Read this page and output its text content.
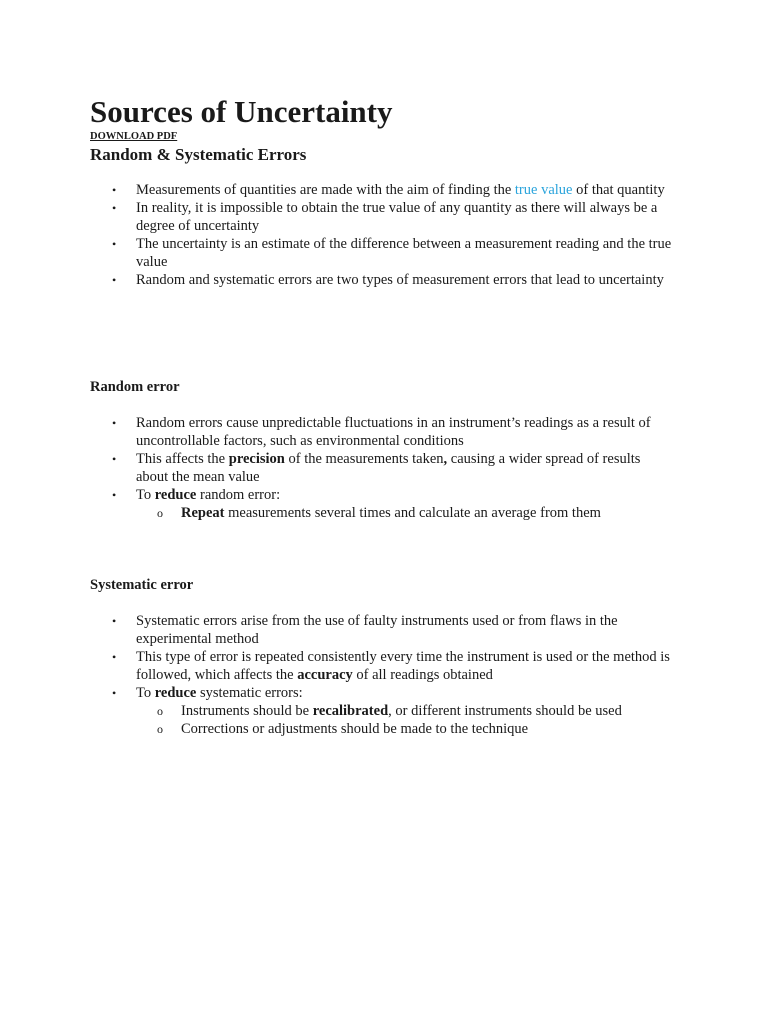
Sources of Uncertainty
DOWNLOAD PDF
Random & Systematic Errors
• Measurements of quantities are made with the aim of finding the true value of that quantity
• In reality, it is impossible to obtain the true value of any quantity as there will always be a degree of uncertainty
• The uncertainty is an estimate of the difference between a measurement reading and the true value
• Random and systematic errors are two types of measurement errors that lead to uncertainty
Random error
• Random errors cause unpredictable fluctuations in an instrument’s readings as a result of uncontrollable factors, such as environmental conditions
• This affects the precision of the measurements taken, causing a wider spread of results about the mean value
• To reduce random error:
o Repeat measurements several times and calculate an average from them
Systematic error
• Systematic errors arise from the use of faulty instruments used or from flaws in the experimental method
• This type of error is repeated consistently every time the instrument is used or the method is followed, which affects the accuracy of all readings obtained
• To reduce systematic errors:
o Instruments should be recalibrated, or different instruments should be used
o Corrections or adjustments should be made to the technique
